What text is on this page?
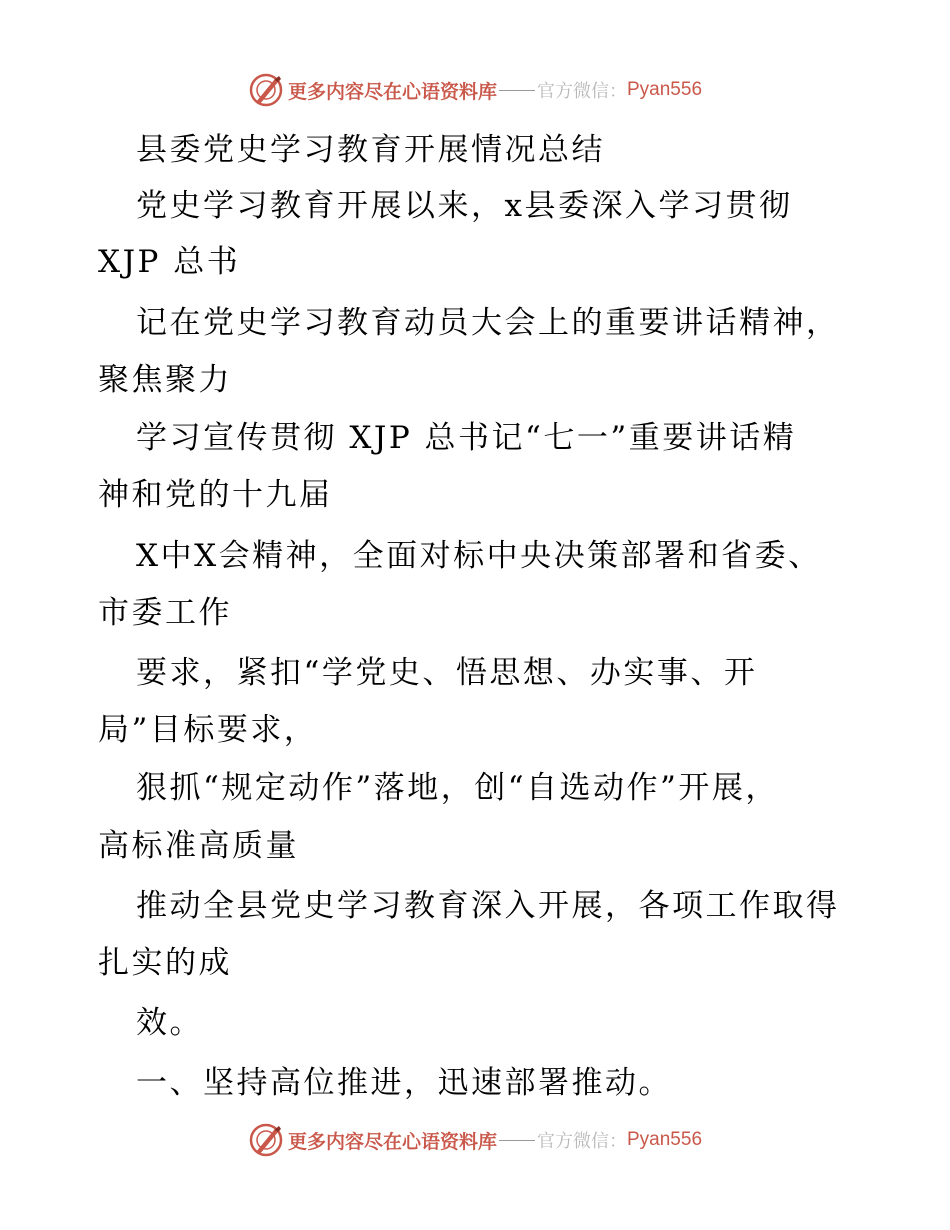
更多内容尽在心语资料库 官方微信： Pyan556
县委党史学习教育开展情况总结
党史学习教育开展以来，x县委深入学习贯彻
XJP 总书
记在党史学习教育动员大会上的重要讲话精神，
聚焦聚力
学习宣传贯彻 XJP 总书记“七一”重要讲话精
神和党的十九届
X中X会精神，全面对标中央决策部署和省委、
市委工作
要求，紧扣“学党史、悟思想、办实事、开
局”目标要求，
狠抓“规定动作”落地，创“自选动作”开展，
高标准高质量
推动全县党史学习教育深入开展，各项工作取得
扎实的成
效。
一、坚持高位推进，迅速部署推动。
更多内容尽在心语资料库 官方微信： Pyan556
